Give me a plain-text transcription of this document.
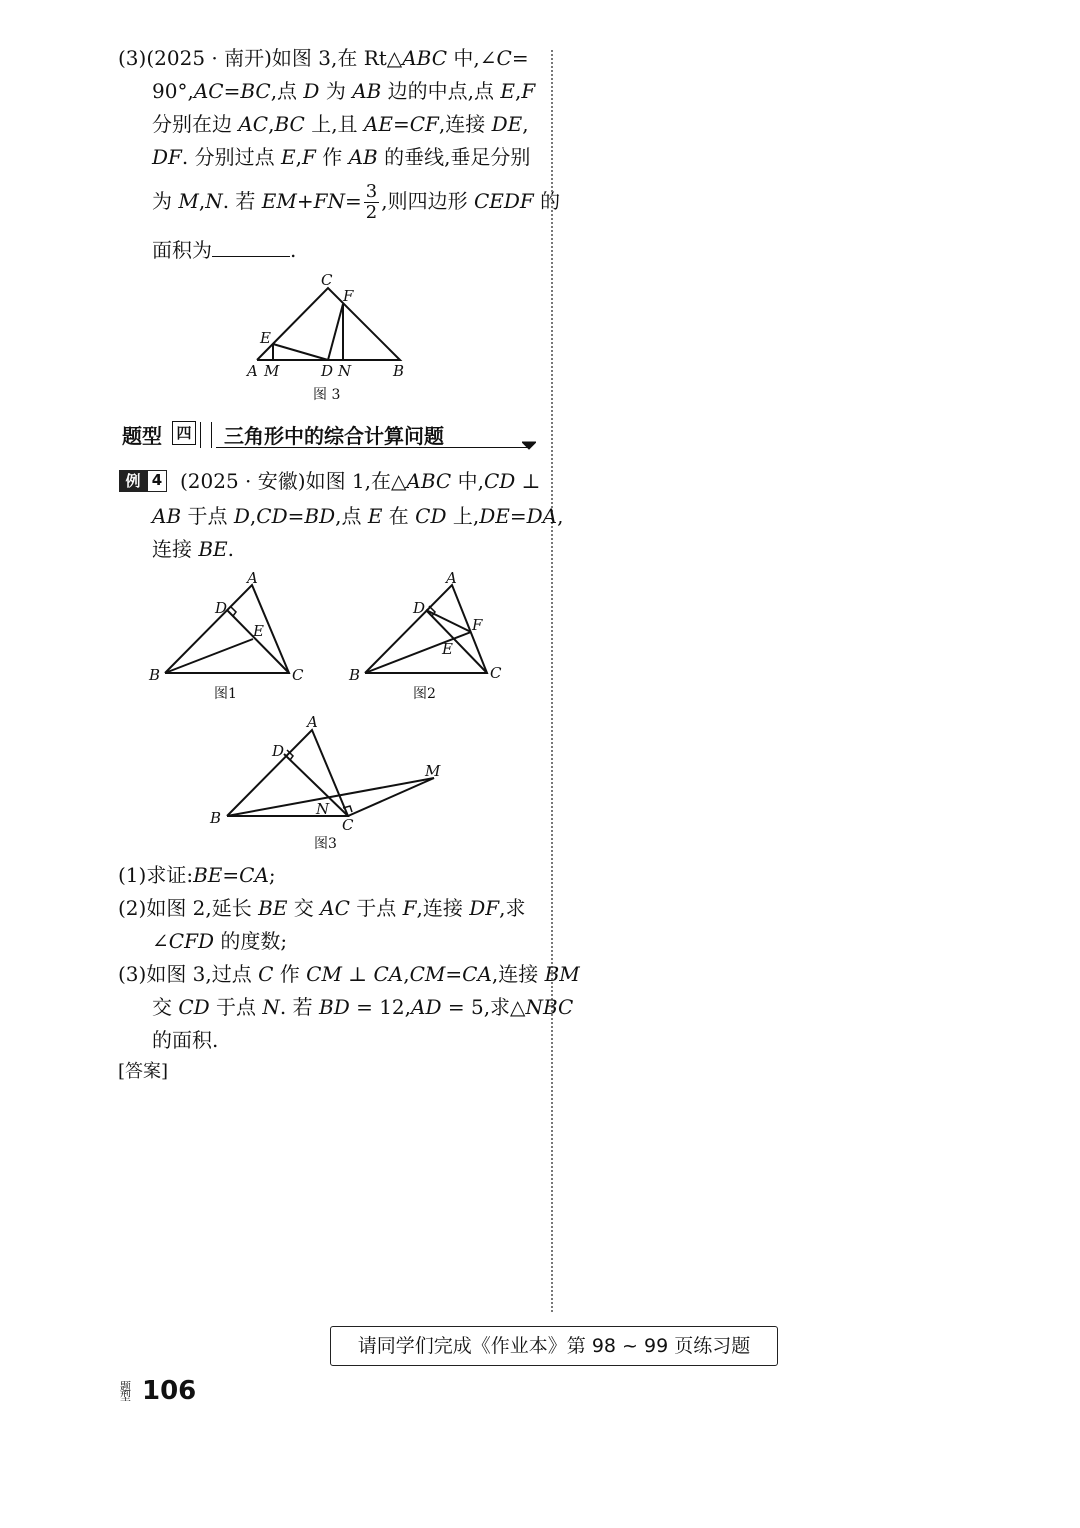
(3)(2025 · 南开)如图 3,在 Rt△ABC 中,∠C=
90°,AC=BC,点 D 为 AB 边的中点,点 E,F
分别在边 AC,BC 上,且 AE=CF,连接 DE,
DF. 分别过点 E,F 作 AB 的垂线,垂足分别
为 M,N. 若 $EM+FN= \frac{3}{2}$ ,则四边形 CEDF 的
面积为	.
C
F
E
A M	D N	B
图 3
题型 四 三角形中的综合计算问题
例 4 (2025 · 安徽)如图 1,在△ABC 中,CD ⊥
AB 于点 D,CD=BD,点 E 在 CD 上,DE=DA,
连接 BE.
A
D
E
B	C
图1
A
D
F
E
B	C
图2
A
D
M
B	N
C
图3
(1)求证:BE=CA;
(2)如图 2,延长 BE 交 AC 于点 F,连接 DF,求
∠CFD 的度数;
(3)如图 3,过点 C 作 CM ⊥ CA,CM=CA,连接 BM
交 CD 于点 N. 若 BD = 12,AD = 5,求△NBC
的面积.
[答案]
请同学们完成《作业本》第 98 ~ 99 页练习题
题型 106
